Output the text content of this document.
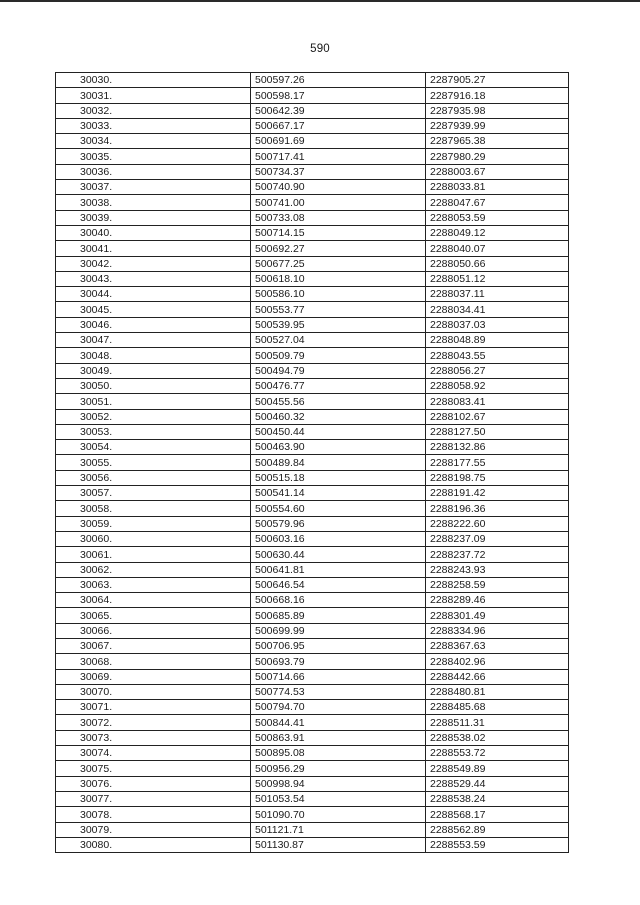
590
30030.	500597.26	2287905.27
30031.	500598.17	2287916.18
30032.	500642.39	2287935.98
30033.	500667.17	2287939.99
30034.	500691.69	2287965.38
30035.	500717.41	2287980.29
30036.	500734.37	2288003.67
30037.	500740.90	2288033.81
30038.	500741.00	2288047.67
30039.	500733.08	2288053.59
30040.	500714.15	2288049.12
30041.	500692.27	2288040.07
30042.	500677.25	2288050.66
30043.	500618.10	2288051.12
30044.	500586.10	2288037.11
30045.	500553.77	2288034.41
30046.	500539.95	2288037.03
30047.	500527.04	2288048.89
30048.	500509.79	2288043.55
30049.	500494.79	2288056.27
30050.	500476.77	2288058.92
30051.	500455.56	2288083.41
30052.	500460.32	2288102.67
30053.	500450.44	2288127.50
30054.	500463.90	2288132.86
30055.	500489.84	2288177.55
30056.	500515.18	2288198.75
30057.	500541.14	2288191.42
30058.	500554.60	2288196.36
30059.	500579.96	2288222.60
30060.	500603.16	2288237.09
30061.	500630.44	2288237.72
30062.	500641.81	2288243.93
30063.	500646.54	2288258.59
30064.	500668.16	2288289.46
30065.	500685.89	2288301.49
30066.	500699.99	2288334.96
30067.	500706.95	2288367.63
30068.	500693.79	2288402.96
30069.	500714.66	2288442.66
30070.	500774.53	2288480.81
30071.	500794.70	2288485.68
30072.	500844.41	2288511.31
30073.	500863.91	2288538.02
30074.	500895.08	2288553.72
30075.	500956.29	2288549.89
30076.	500998.94	2288529.44
30077.	501053.54	2288538.24
30078.	501090.70	2288568.17
30079.	501121.71	2288562.89
30080.	501130.87	2288553.59
